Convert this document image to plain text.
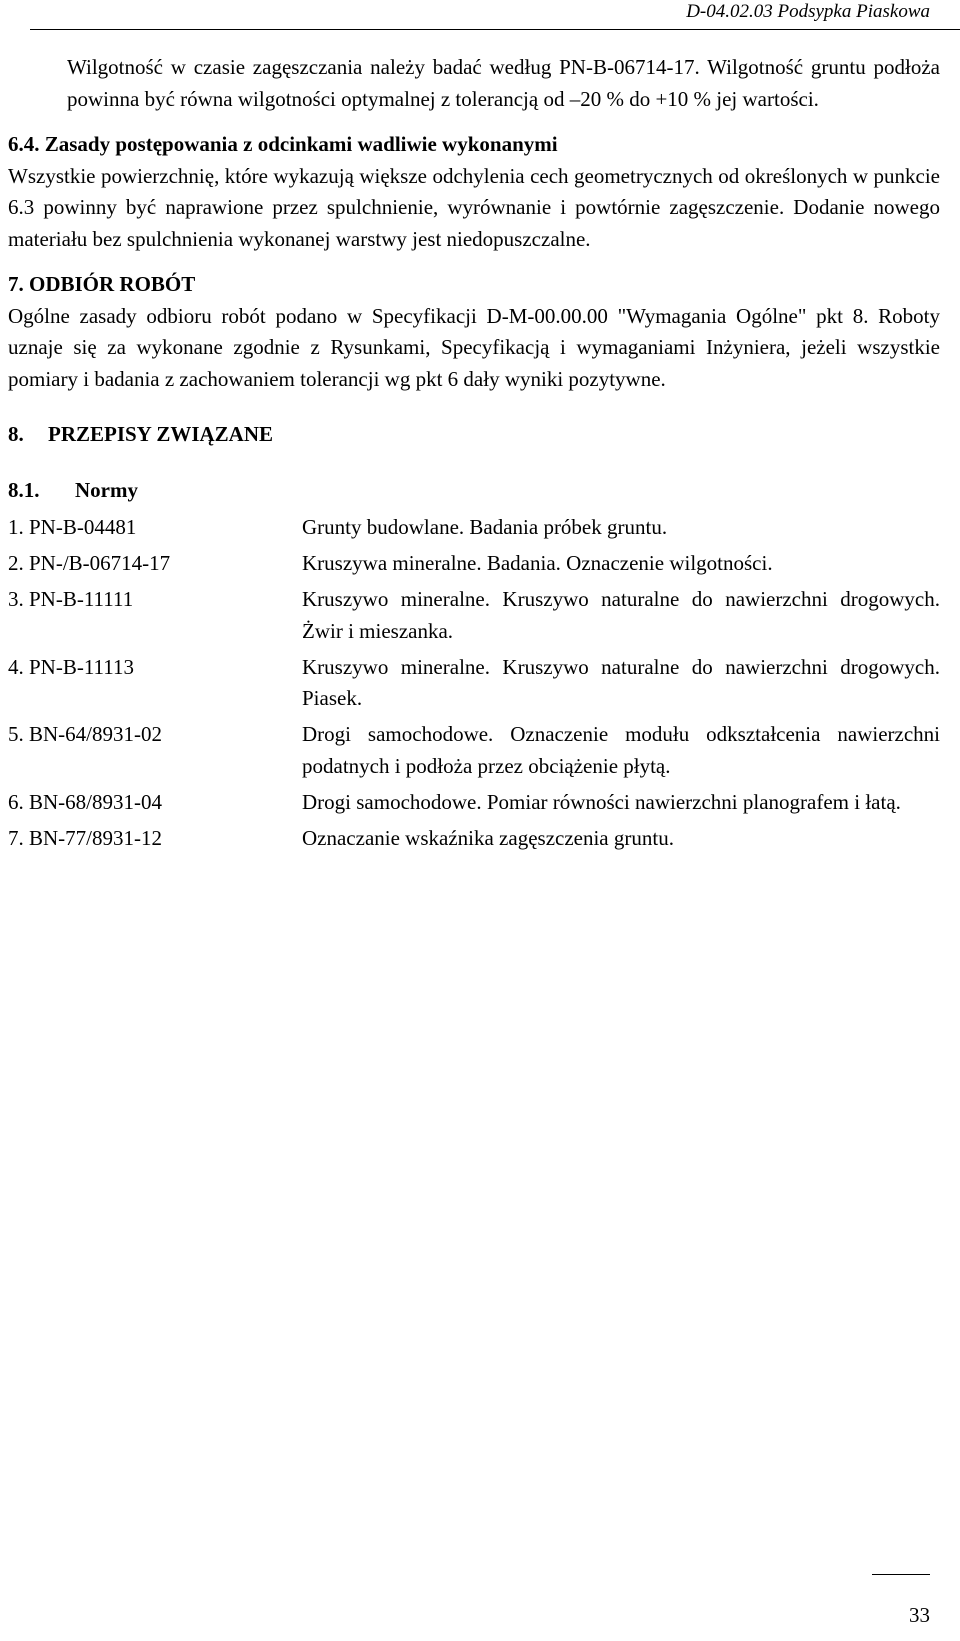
D-04.02.03 Podsypka Piaskowa

Wilgotność w czasie zagęszczania należy badać według PN-B-06714-17. Wilgotność gruntu podłoża powinna być równa wilgotności optymalnej z tolerancją od –20 % do +10 % jej wartości.

6.4. Zasady postępowania z odcinkami wadliwie wykonanymi

Wszystkie powierzchnię, które wykazują większe odchylenia cech geometrycznych od określonych w punkcie 6.3 powinny być naprawione przez spulchnienie, wyrównanie i powtórnie zagęszczenie. Dodanie nowego materiału bez spulchnienia wykonanej warstwy jest niedopuszczalne.

7. ODBIÓR ROBÓT

Ogólne zasady odbioru robót podano w Specyfikacji D-M-00.00.00 "Wymagania Ogólne" pkt 8. Roboty uznaje się za wykonane zgodnie z Rysunkami, Specyfikacją i wymaganiami Inżyniera, jeżeli wszystkie pomiary i badania z zachowaniem tolerancji wg pkt 6 dały wyniki pozytywne.

8.	PRZEPISY ZWIĄZANE
8.1.	Normy
1. PN-B-04481	Grunty budowlane. Badania próbek gruntu.
2. PN-/B-06714-17	Kruszywa mineralne. Badania. Oznaczenie wilgotności.
3. PN-B-11111	Kruszywo mineralne. Kruszywo naturalne do nawierzchni drogowych. Żwir i mieszanka.
4. PN-B-11113	Kruszywo mineralne. Kruszywo naturalne do nawierzchni drogowych. Piasek.
5. BN-64/8931-02	Drogi samochodowe. Oznaczenie modułu odkształcenia nawierzchni podatnych i podłoża przez obciążenie płytą.
6. BN-68/8931-04	Drogi samochodowe. Pomiar równości nawierzchni planografem i łatą.
7. BN-77/8931-12	Oznaczanie wskaźnika zagęszczenia gruntu.
33
